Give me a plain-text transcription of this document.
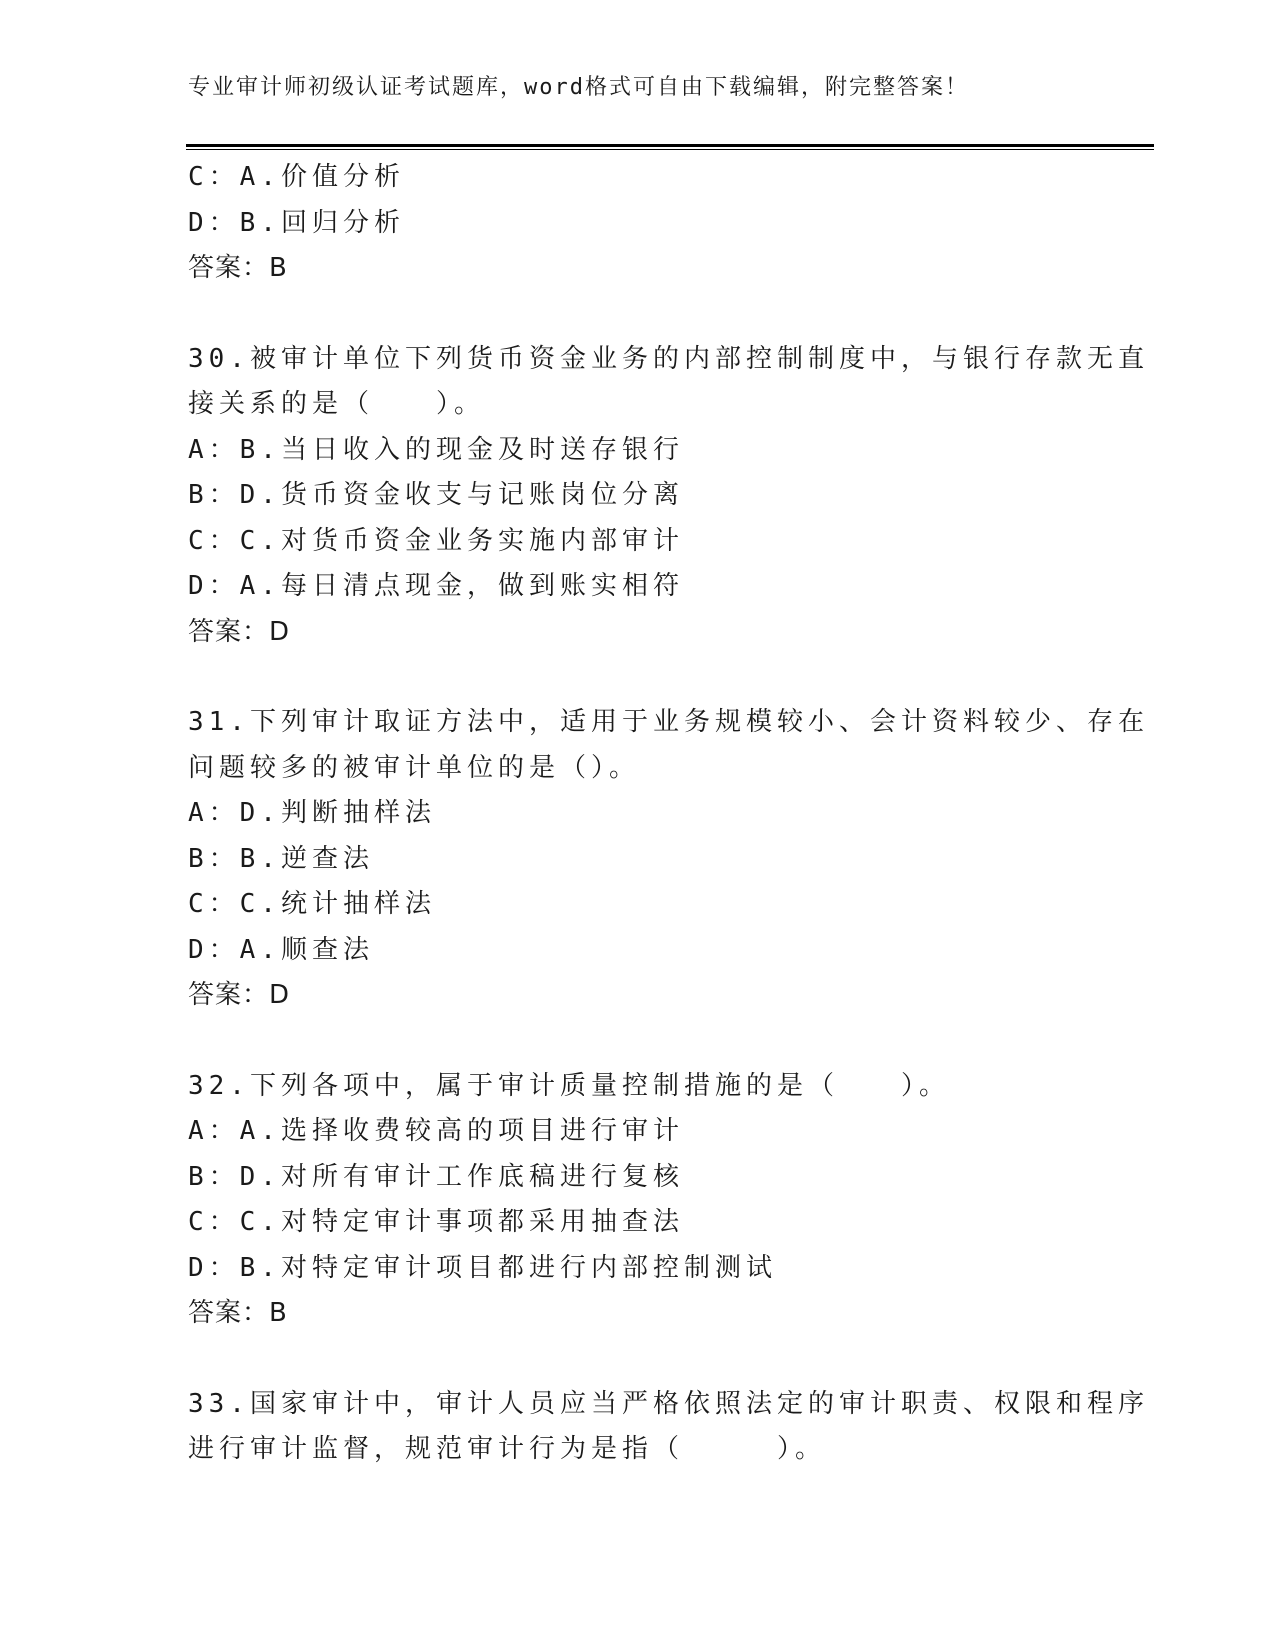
专业审计师初级认证考试题库，word格式可自由下载编辑，附完整答案！
C：A.价值分析
D：B.回归分析
答案：B
30.被审计单位下列货币资金业务的内部控制制度中，与银行存款无直
接关系的是（　　）。
A：B.当日收入的现金及时送存银行
B：D.货币资金收支与记账岗位分离
C：C.对货币资金业务实施内部审计
D：A.每日清点现金，做到账实相符
答案：D
31.下列审计取证方法中，适用于业务规模较小、会计资料较少、存在
问题较多的被审计单位的是（）。
A：D.判断抽样法
B：B.逆查法
C：C.统计抽样法
D：A.顺查法
答案：D
32.下列各项中，属于审计质量控制措施的是（　　）。
A：A.选择收费较高的项目进行审计
B：D.对所有审计工作底稿进行复核
C：C.对特定审计事项都采用抽查法
D：B.对特定审计项目都进行内部控制测试
答案：B
33.国家审计中，审计人员应当严格依照法定的审计职责、权限和程序
进行审计监督，规范审计行为是指（　　　）。
